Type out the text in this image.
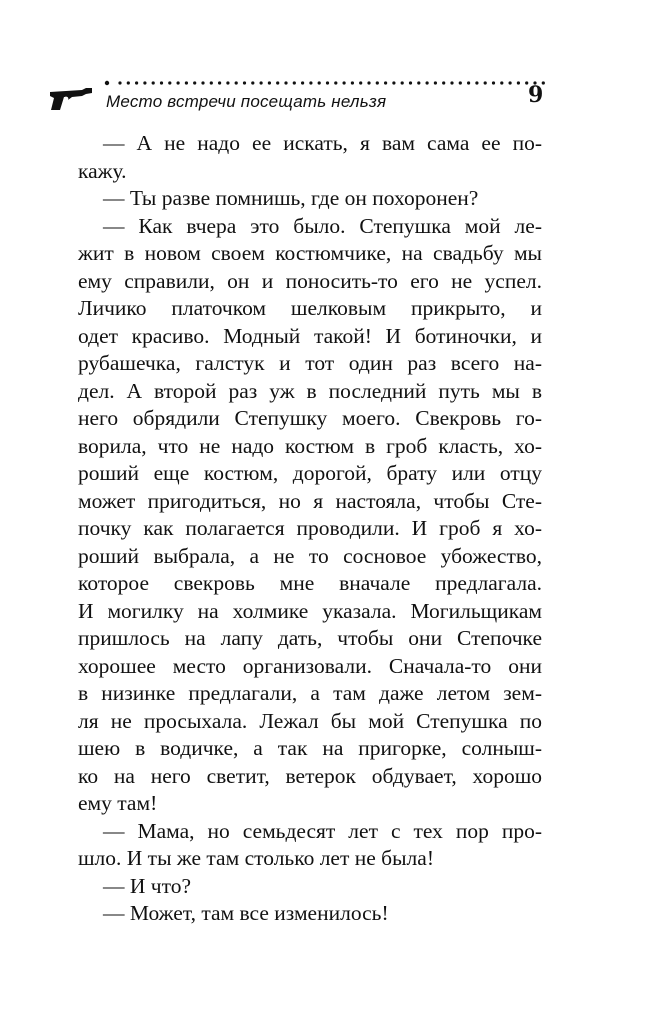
Место встречи посещать нельзя	9
— А не надо ее искать, я вам сама ее по-
кажу.
— Ты разве помнишь, где он похоронен?
— Как вчера это было. Степушка мой ле-
жит в новом своем костюмчике, на свадьбу мы
ему справили, он и поносить-то его не успел.
Личико платочком шелковым прикрыто, и
одет красиво. Модный такой! И ботиночки, и
рубашечка, галстук и тот один раз всего на-
дел. А второй раз уж в последний путь мы в
него обрядили Степушку моего. Свекровь го-
ворила, что не надо костюм в гроб класть, хо-
роший еще костюм, дорогой, брату или отцу
может пригодиться, но я настояла, чтобы Сте-
почку как полагается проводили. И гроб я хо-
роший выбрала, а не то сосновое убожество,
которое свекровь мне вначале предлагала.
И могилку на холмике указала. Могильщикам
пришлось на лапу дать, чтобы они Степочке
хорошее место организовали. Сначала-то они
в низинке предлагали, а там даже летом зем-
ля не просыхала. Лежал бы мой Степушка по
шею в водичке, а так на пригорке, солныш-
ко на него светит, ветерок обдувает, хорошо
ему там!
— Мама, но семьдесят лет с тех пор про-
шло. И ты же там столько лет не была!
— И что?
— Может, там все изменилось!
